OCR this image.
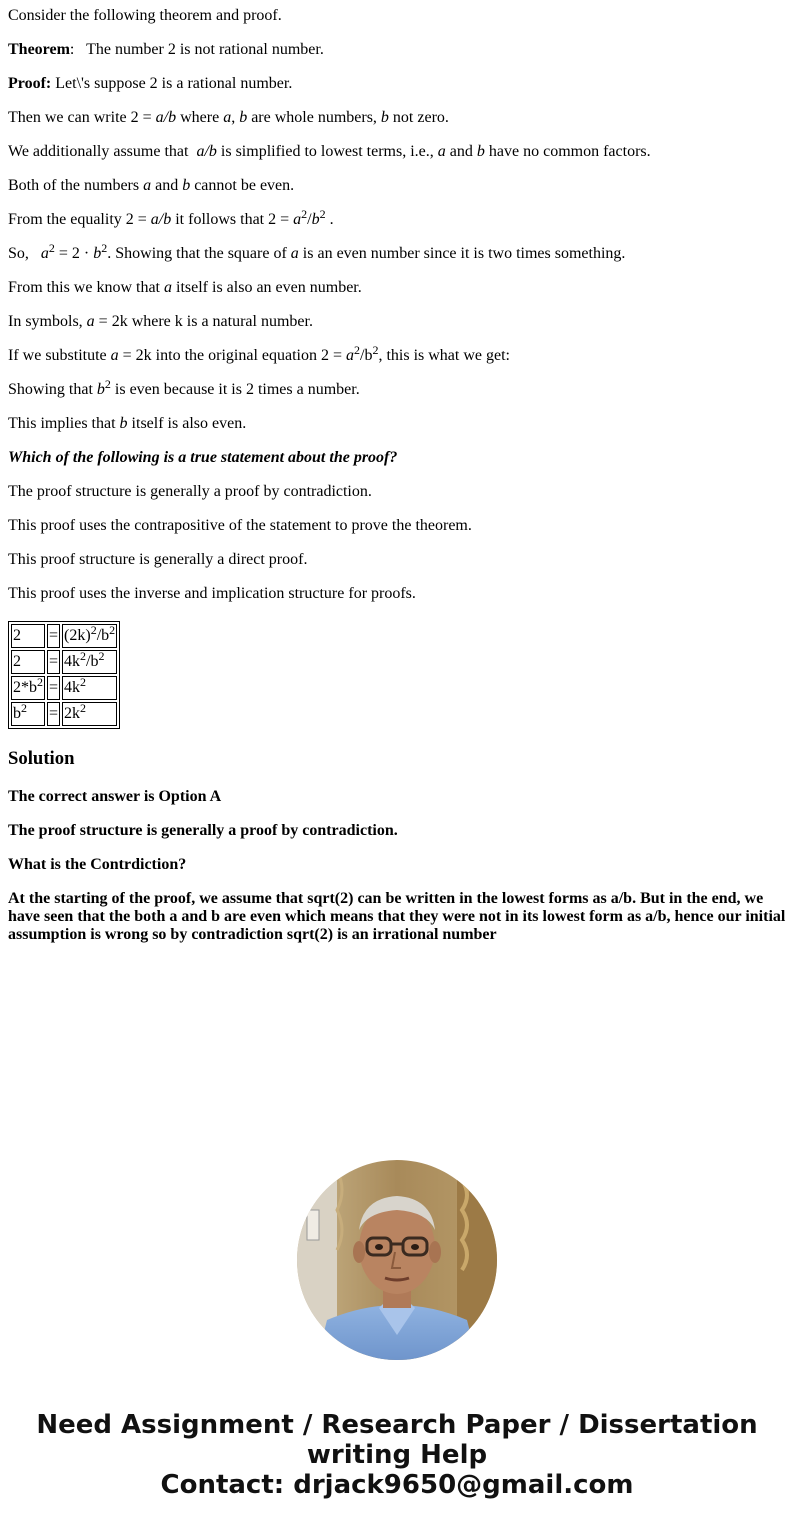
Consider the following theorem and proof.

Theorem: The number 2 is not rational number.

Proof: Let\'s suppose 2 is a rational number.

Then we can write 2 = a/b where a, b are whole numbers, b not zero.

We additionally assume that  a/b is simplified to lowest terms, i.e., a and b have no common factors.

Both of the numbers a and b cannot be even.

From the equality 2 = a/b it follows that $2 = a^2/b^2$ .

So,   $a^2 = 2 \cdot b^2$. Showing that the square of a is an even number since it is two times something.

From this we know that a itself is also an even number.

In symbols, a = 2k where k is a natural number.

If we substitute a = 2k into the original equation $2 = a^2/b^2$, this is what we get:

Showing that $b^2$ is even because it is 2 times a number.

This implies that b itself is also even.

Which of the following is a true statement about the proof?

The proof structure is generally a proof by contradiction.

This proof uses the contrapositive of the statement to prove the theorem.

This proof structure is generally a direct proof.

This proof uses the inverse and implication structure for proofs.

2	=	$(2k)^2/b^2$
2	=	$4k^2/b^2$
$2*b^2$	=	$4k^2$
$b^2$	=	$2k^2$
Solution

The correct answer is Option A

The proof structure is generally a proof by contradiction.

What is the Contrdiction?

At the starting of the proof, we assume that sqrt(2) can be written in the lowest forms as a/b. But in the end, we have seen that the both a and b are even which means that they were not in its lowest form as a/b, hence our initial assumption is wrong so by contradiction sqrt(2) is an irrational number

Need Assignment / Research Paper / Dissertation
writing Help
Contact: drjack9650@gmail.com
